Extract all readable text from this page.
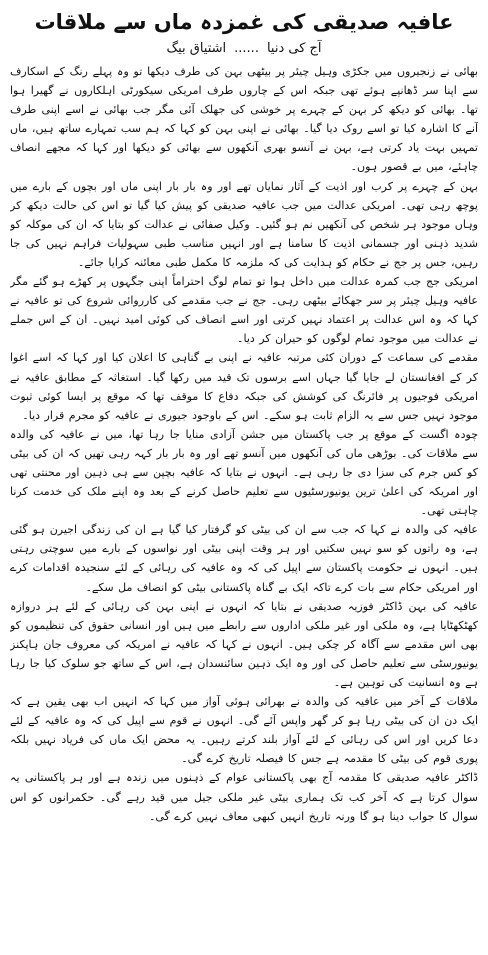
عافیہ صدیقی کی غمزدہ ماں سے ملاقات
آج کی دنیا......اشتیاق بیگ

بھائی نے زنجیروں میں جکڑی وہیل چیئر پر بیٹھی بہن کی طرف دیکھا تو وہ پہلے رنگ کے اسکارف سے اپنا سر ڈھانپے ہوئے تھی جبکہ اس کے چاروں طرف امریکی سیکورٹی اہلکاروں نے گھیرا ہوا تھا۔ بھائی کو دیکھ کر بہن کے چہرے پر خوشی کی جھلک آئی مگر جب بھائی نے اسے اپنی طرف آنے کا اشارہ کیا تو اسے روک دیا گیا۔ بھائی نے اپنی بہن کو کہا کہ ہم سب تمہارے ساتھ ہیں، ماں تمہیں بہت یاد کرتی ہے، بہن نے آنسو بھری آنکھوں سے بھائی کو دیکھا اور کہا کہ مجھے انصاف چاہئے، میں بے قصور ہوں۔

بہن کے چہرے پر کرب اور اذیت کے آثار نمایاں تھے اور وہ بار بار اپنی ماں اور بچوں کے بارے میں پوچھ رہی تھی۔ امریکی عدالت میں جب عافیہ صدیقی کو پیش کیا گیا تو اس کی حالت دیکھ کر وہاں موجود ہر شخص کی آنکھیں نم ہو گئیں۔ وکیل صفائی نے عدالت کو بتایا کہ ان کی موکلہ کو شدید ذہنی اور جسمانی اذیت کا سامنا ہے اور انہیں مناسب طبی سہولیات فراہم نہیں کی جا رہیں، جس پر جج نے حکام کو ہدایت کی کہ ملزمہ کا مکمل طبی معائنہ کرایا جائے۔

امریکی جج جب کمرہ عدالت میں داخل ہوا تو تمام لوگ احتراماً اپنی جگہوں پر کھڑے ہو گئے مگر عافیہ وہیل چیئر پر سر جھکائے بیٹھی رہی۔ جج نے جب مقدمے کی کارروائی شروع کی تو عافیہ نے کہا کہ وہ اس عدالت پر اعتماد نہیں کرتی اور اسے انصاف کی کوئی امید نہیں۔ ان کے اس جملے نے عدالت میں موجود تمام لوگوں کو حیران کر دیا۔

مقدمے کی سماعت کے دوران کئی مرتبہ عافیہ نے اپنی بے گناہی کا اعلان کیا اور کہا کہ اسے اغوا کر کے افغانستان لے جایا گیا جہاں اسے برسوں تک قید میں رکھا گیا۔ استغاثہ کے مطابق عافیہ نے امریکی فوجیوں پر فائرنگ کی کوشش کی جبکہ دفاع کا موقف تھا کہ موقع پر ایسا کوئی ثبوت موجود نہیں جس سے یہ الزام ثابت ہو سکے۔ اس کے باوجود جیوری نے عافیہ کو مجرم قرار دیا۔

چودہ اگست کے موقع پر جب پاکستان میں جشن آزادی منایا جا رہا تھا، میں نے عافیہ کی والدہ سے ملاقات کی۔ بوڑھی ماں کی آنکھوں میں آنسو تھے اور وہ بار بار کہہ رہی تھیں کہ ان کی بیٹی کو کس جرم کی سزا دی جا رہی ہے۔ انہوں نے بتایا کہ عافیہ بچپن سے ہی ذہین اور محنتی تھی اور امریکہ کی اعلیٰ ترین یونیورسٹیوں سے تعلیم حاصل کرنے کے بعد وہ اپنے ملک کی خدمت کرنا چاہتی تھی۔

عافیہ کی والدہ نے کہا کہ جب سے ان کی بیٹی کو گرفتار کیا گیا ہے ان کی زندگی اجیرن ہو گئی ہے، وہ راتوں کو سو نہیں سکتیں اور ہر وقت اپنی بیٹی اور نواسوں کے بارے میں سوچتی رہتی ہیں۔ انہوں نے حکومت پاکستان سے اپیل کی کہ وہ عافیہ کی رہائی کے لئے سنجیدہ اقدامات کرے اور امریکی حکام سے بات کرے تاکہ ایک بے گناہ پاکستانی بیٹی کو انصاف مل سکے۔

عافیہ کی بہن ڈاکٹر فوزیہ صدیقی نے بتایا کہ انہوں نے اپنی بہن کی رہائی کے لئے ہر دروازہ کھٹکھٹایا ہے، وہ ملکی اور غیر ملکی اداروں سے رابطے میں ہیں اور انسانی حقوق کی تنظیموں کو بھی اس مقدمے سے آگاہ کر چکی ہیں۔ انہوں نے کہا کہ عافیہ نے امریکہ کی معروف جان ہاپکنز یونیورسٹی سے تعلیم حاصل کی اور وہ ایک ذہین سائنسدان ہے، اس کے ساتھ جو سلوک کیا جا رہا ہے وہ انسانیت کی توہین ہے۔

ملاقات کے آخر میں عافیہ کی والدہ نے بھرائی ہوئی آواز میں کہا کہ انہیں اب بھی یقین ہے کہ ایک دن ان کی بیٹی رہا ہو کر گھر واپس آئے گی۔ انہوں نے قوم سے اپیل کی کہ وہ عافیہ کے لئے دعا کریں اور اس کی رہائی کے لئے آواز بلند کرتے رہیں۔ یہ محض ایک ماں کی فریاد نہیں بلکہ پوری قوم کی بیٹی کا مقدمہ ہے جس کا فیصلہ تاریخ کرے گی۔

ڈاکٹر عافیہ صدیقی کا مقدمہ آج بھی پاکستانی عوام کے ذہنوں میں زندہ ہے اور ہر پاکستانی یہ سوال کرتا ہے کہ آخر کب تک ہماری بیٹی غیر ملکی جیل میں قید رہے گی۔ حکمرانوں کو اس سوال کا جواب دینا ہو گا ورنہ تاریخ انہیں کبھی معاف نہیں کرے گی۔
